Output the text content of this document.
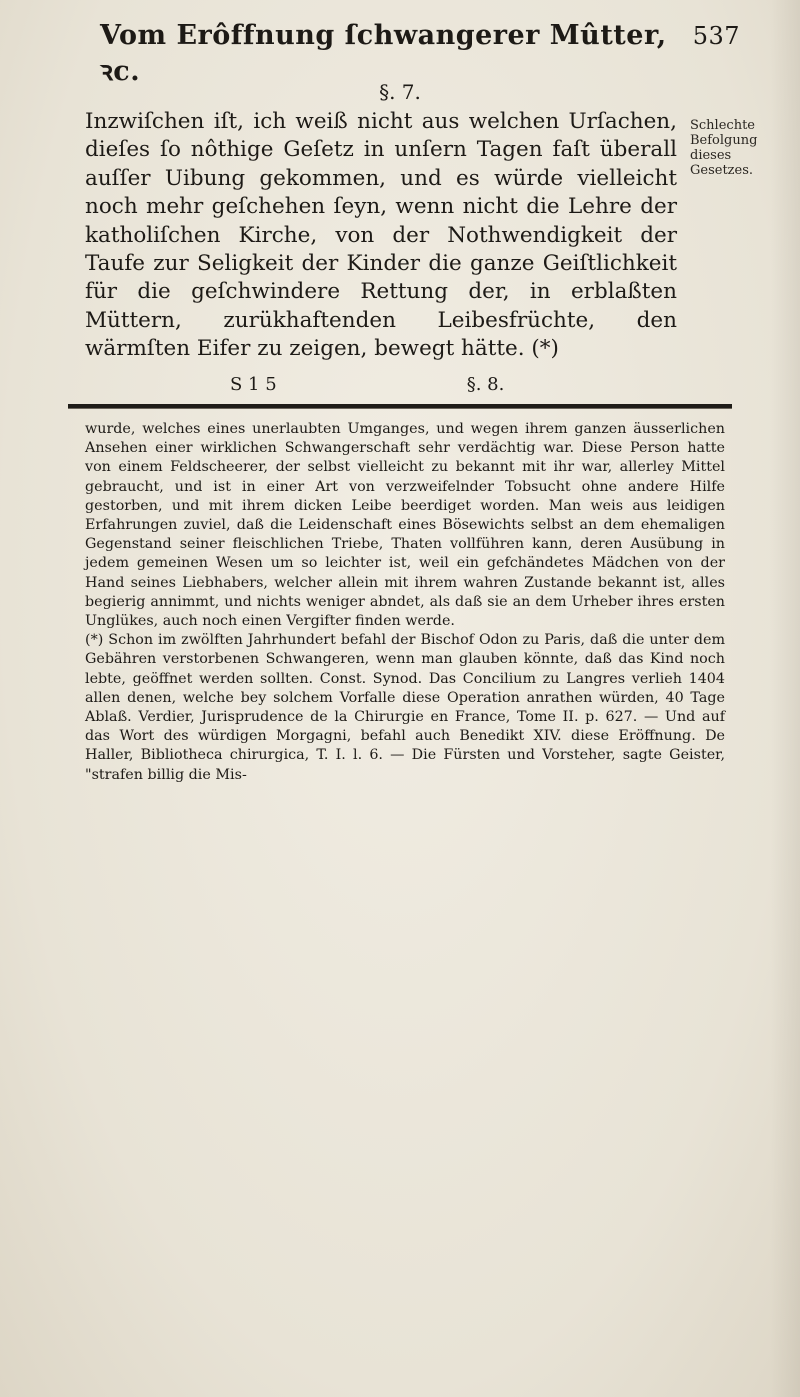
Vom Erôffnung ſchwangerer Mûtter, ꝛc.
537
§. 7.

Inzwiſchen iſt, ich weiß nicht aus welchen Urſachen, dieſes ſo nôthige Geſetz in unſern Tagen faſt überall auſſer Uibung gekommen, und es würde vielleicht noch mehr geſchehen ſeyn, wenn nicht die Lehre der katholiſchen Kirche, von der Nothwendigkeit der Taufe zur Seligkeit der Kinder die ganze Geiſtlichkeit für die geſchwindere Rettung der, in erblaßten Müttern, zurükhaftenden Leibesfrüchte, den wärmſten Eifer zu zeigen, bewegt hätte. (*)

Schlechte Befolgung dieses Gesetzes.
S 1 5	§. 8.

wurde, welches eines unerlaubten Umganges, und wegen ihrem ganzen äusserlichen Ansehen einer wirklichen Schwangerschaft sehr verdächtig war. Diese Person hatte von einem Feldscheerer, der selbst vielleicht zu bekannt mit ihr war, allerley Mittel gebraucht, und ist in einer Art von verzweifelnder Tobsucht ohne andere Hilfe gestorben, und mit ihrem dicken Leibe beerdiget worden. Man weis aus leidigen Erfahrungen zuviel, daß die Leidenschaft eines Bösewichts selbst an dem ehemaligen Gegenstand seiner fleischlichen Triebe, Thaten vollführen kann, deren Ausübung in jedem gemeinen Wesen um so leichter ist, weil ein gefchändetes Mädchen von der Hand seines Liebhabers, welcher allein mit ihrem wahren Zustande bekannt ist, alles begierig annimmt, und nichts weniger abndet, als daß sie an dem Urheber ihres ersten Unglükes, auch noch einen Vergifter finden werde.

(*) Schon im zwölften Jahrhundert befahl der Bischof Odon zu Paris, daß die unter dem Gebähren verstorbenen Schwangeren, wenn man glauben könnte, daß das Kind noch lebte, geöffnet werden sollten. Const. Synod. Das Concilium zu Langres verlieh 1404 allen denen, welche bey solchem Vorfalle diese Operation anrathen würden, 40 Tage Ablaß. Verdier, Jurisprudence de la Chirurgie en France, Tome II. p. 627. — Und auf das Wort des würdigen Morgagni, befahl auch Benedikt XIV. diese Eröffnung. De Haller, Bibliotheca chirurgica, T. I. l. 6. — Die Fürsten und Vorsteher, sagte Geister, "strafen billig die Mis-
